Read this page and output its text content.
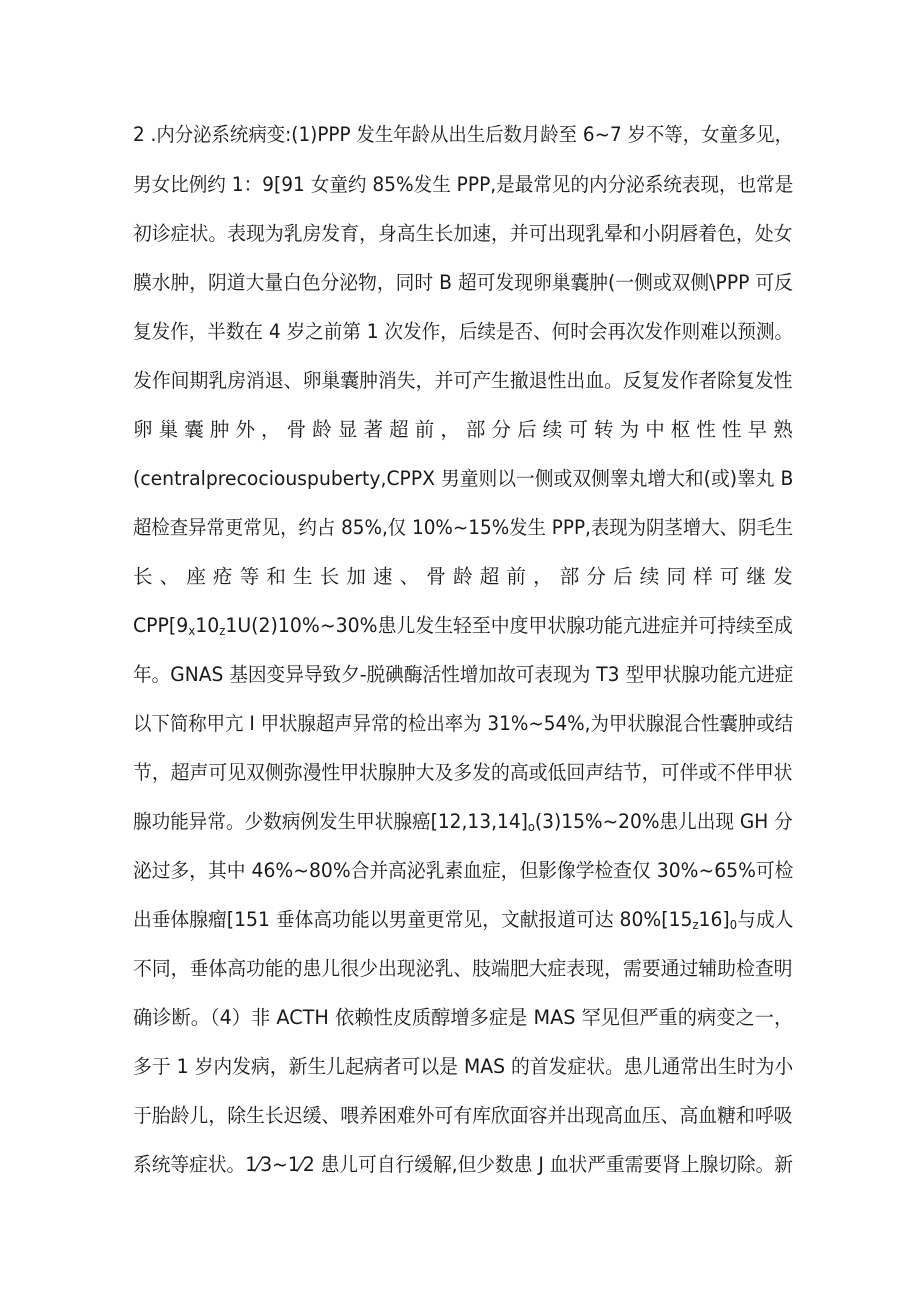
2 .内分泌系统病变:(1)PPP 发生年龄从出生后数月龄至 6~7 岁不等，女童多见，
男女比例约 1：9[91 女童约 85%发生 PPP,是最常见的内分泌系统表现，也常是
初诊症状。表现为乳房发育，身高生长加速，并可出现乳晕和小阴唇着色，处女
膜水肿，阴道大量白色分泌物，同时 B 超可发现卵巢囊肿(一侧或双侧\PPP 可反
复发作，半数在 4 岁之前第 1 次发作，后续是否、何时会再次发作则难以预测。
发作间期乳房消退、卵巢囊肿消失，并可产生撤退性出血。反复发作者除复发性
卵 巢 囊 肿 外 ， 骨 龄 显 著 超 前 ， 部 分 后 续 可 转 为 中 枢 性 性 早 熟
(centralprecociouspuberty,CPPX 男童则以一侧或双侧睾丸增大和(或)睾丸 B
超检查异常更常见，约占 85%,仅 10%~15%发生 PPP,表现为阴茎增大、阴毛生
长 、 座 疮 等 和 生 长 加 速 、 骨 龄 超 前 ， 部 分 后 续 同 样 可 继 发
$CPP[9_x10_z1U(2)10\%\sim 30\%$患儿发生轻至中度甲状腺功能亢进症并可持续至成
年。GNAS 基因变异导致夕-脱碘酶活性增加故可表现为 T3 型甲状腺功能亢进症
以下简称甲亢 I 甲状腺超声异常的检出率为 31%~54%,为甲状腺混合性囊肿或结
节，超声可见双侧弥漫性甲状腺肿大及多发的高或低回声结节，可伴或不伴甲状
腺功能异常。少数病例发生甲状腺癌$[12,13,14]_o(3)15\%\sim 20\%$患儿出现 GH 分
泌过多，其中 46%~80%合并高泌乳素血症，但影像学检查仅 30%~65%可检
出垂体腺瘤[151 垂体高功能以男童更常见，文献报道可达 $80\%[15_z16]_0$与成人
不同，垂体高功能的患儿很少出现泌乳、肢端肥大症表现，需要通过辅助检查明
确诊断。（4）非 ACTH 依赖性皮质醇增多症是 MAS 罕见但严重的病变之一，
多于 1 岁内发病，新生儿起病者可以是 MAS 的首发症状。患儿通常出生时为小
于胎龄儿，除生长迟缓、喂养困难外可有库欣面容并出现高血压、高血糖和呼吸
系统等症状。1⁄3~1⁄2 患儿可自行缓解,但少数患 J 血状严重需要肾上腺切除。新
